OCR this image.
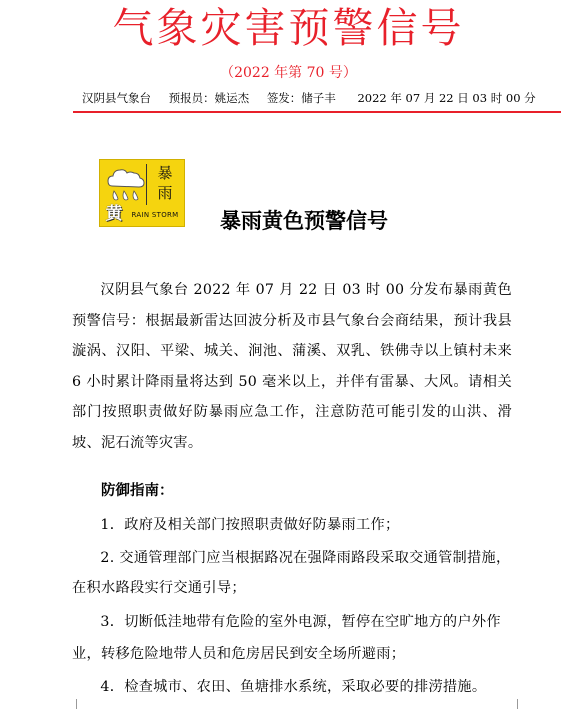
气象灾害预警信号
（2022 年第 70 号）
汉阴县气象台 预报员：姚运杰 签发：储子丰 2022 年 07 月 22 日 03 时 00 分
暴
雨
黄	RAIN STORM 暴雨黄色预警信号
汉阴县气象台 2022 年 07 月 22 日 03 时 00 分发布暴雨黄色预警信号：根据最新雷达回波分析及市县气象台会商结果，预计我县漩涡、汉阳、平梁、城关、涧池、蒲溪、双乳、铁佛寺以上镇村未来 6 小时累计降雨量将达到 50 毫米以上，并伴有雷暴、大风。请相关部门按照职责做好防暴雨应急工作，注意防范可能引发的山洪、滑坡、泥石流等灾害。
防御指南：
1．政府及相关部门按照职责做好防暴雨工作；
2. 交通管理部门应当根据路况在强降雨路段采取交通管制措施，在积水路段实行交通引导；
3．切断低洼地带有危险的室外电源，暂停在空旷地方的户外作业，转移危险地带人员和危房居民到安全场所避雨；
4．检查城市、农田、鱼塘排水系统，采取必要的排涝措施。
